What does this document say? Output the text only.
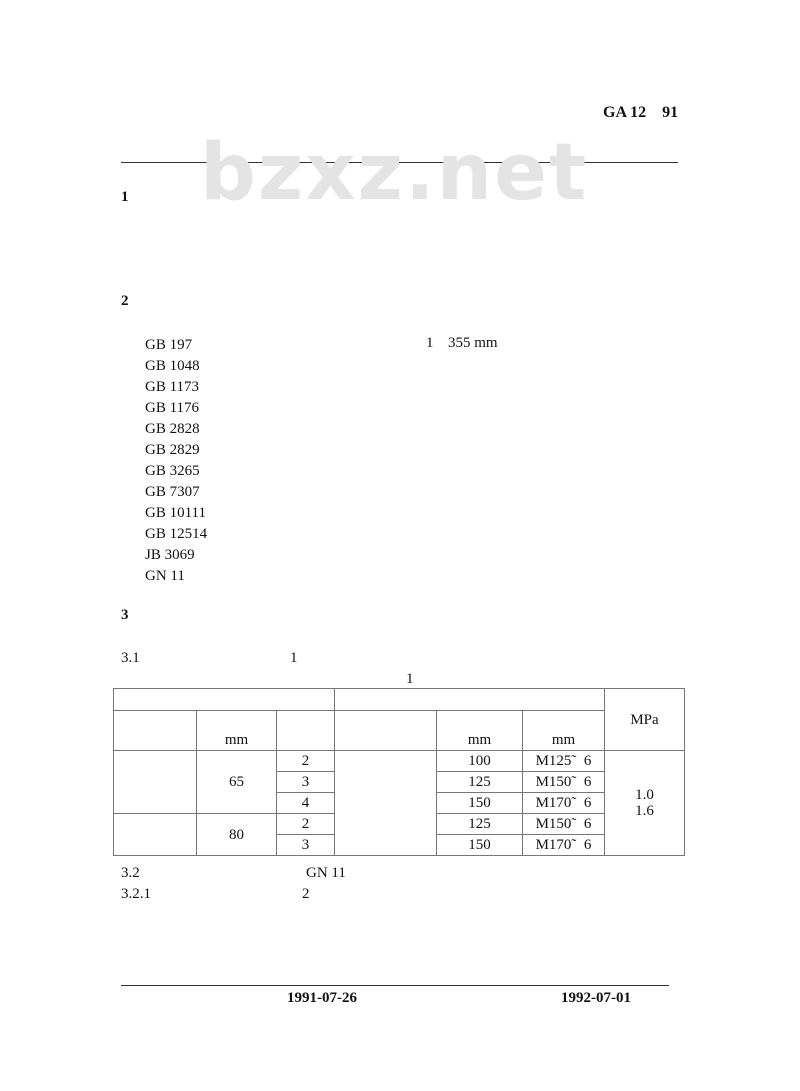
GA 12    91
bzxz.net
1
2
1 355 mm
GB 197
GB 1048
GB 1173
GB 1176
GB 2828
GB 2829
GB 3265
GB 7307
GB 10111
GB 12514
JB 3069
GN 11
3
3.1	1
1
						MPa
	mm			mm	mm	
	65	2		100	M125˜  6	1.0
1.6

		3		125	M150˜  6	
		4		150	M170˜  6	
	80	2		125	M150˜  6	
		3		150	M170˜  6	
3.2	GN 11
3.2.1	2
1991-07-26	1992-07-01
